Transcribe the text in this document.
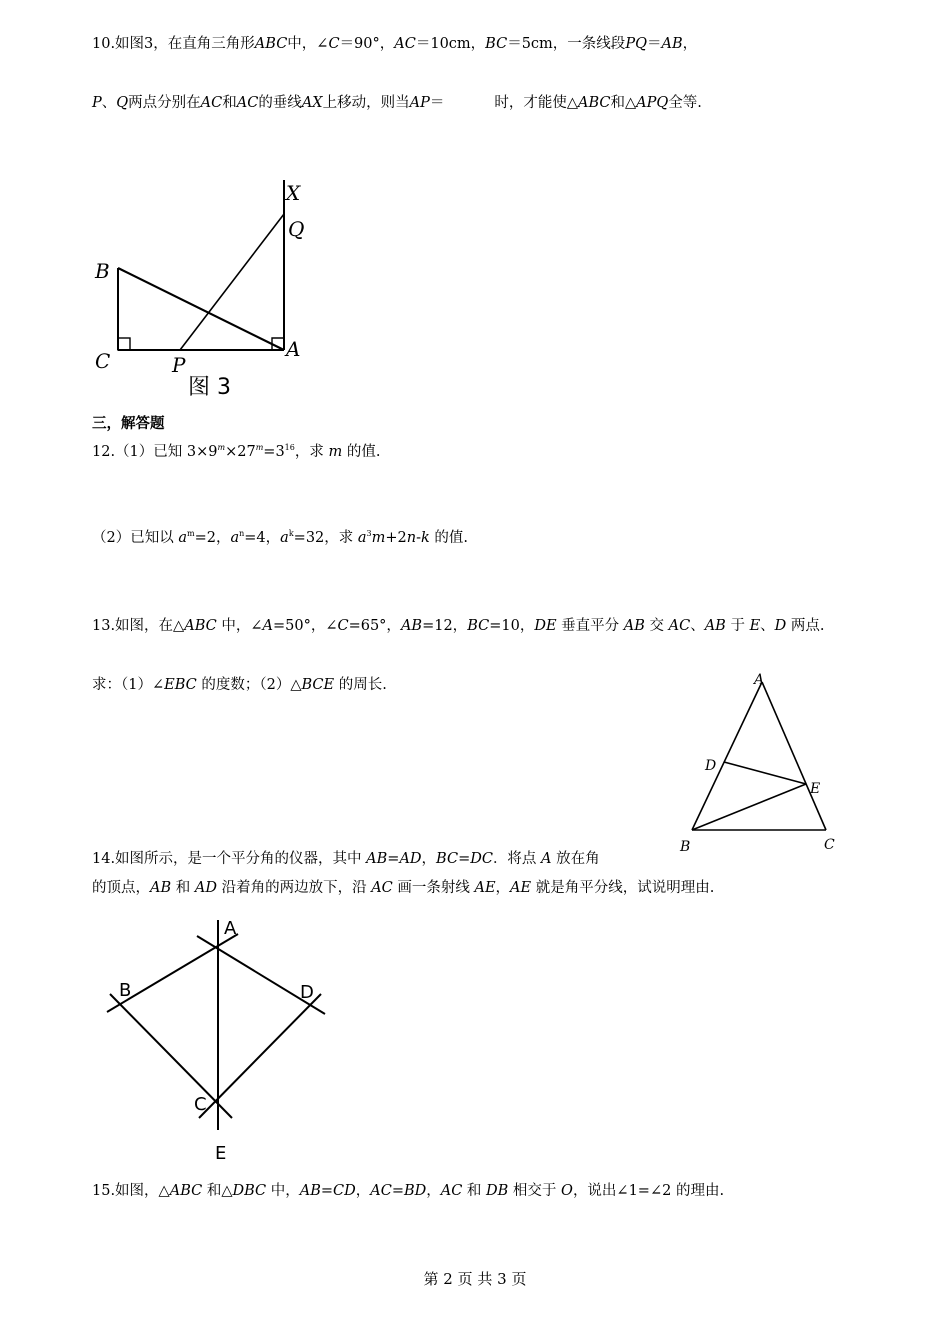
10.如图3，在直角三角形ABC中，∠C＝90°，AC＝10cm，BC＝5cm，一条线段PQ＝AB，
P、Q两点分别在AC和AC的垂线AX上移动，则当AP＝	时，才能使△ABC和△APQ全等.
X
Q
B
C	P
A
图 3
三，解答题
12.（1）已知 $3\times 9^m\times 27^m=3^{16}$，求 m 的值.
（2）已知以 $a^m=2$，$a^n=4$，$a^k=32$，求 $a^3m+2n-k$ 的值.
13.如图，在△ABC 中，∠A=50°，∠C=65°，AB=12，BC=10，DE 垂直平分 AB 交 AC、AB 于 E、D 两点.
求：（1）∠EBC 的度数；（2）△BCE 的周长.	A
D
E
B	C
14.如图所示，是一个平分角的仪器，其中 AB=AD，BC=DC．将点 A 放在角
的顶点，AB 和 AD 沿着角的两边放下，沿 AC 画一条射线 AE，AE 就是角平分线，试说明理由.
A
B	D
C
E
15.如图，△ABC 和△DBC 中，AB=CD，AC=BD，AC 和 DB 相交于 O，说出∠1=∠2 的理由.
第 2 页 共 3 页
